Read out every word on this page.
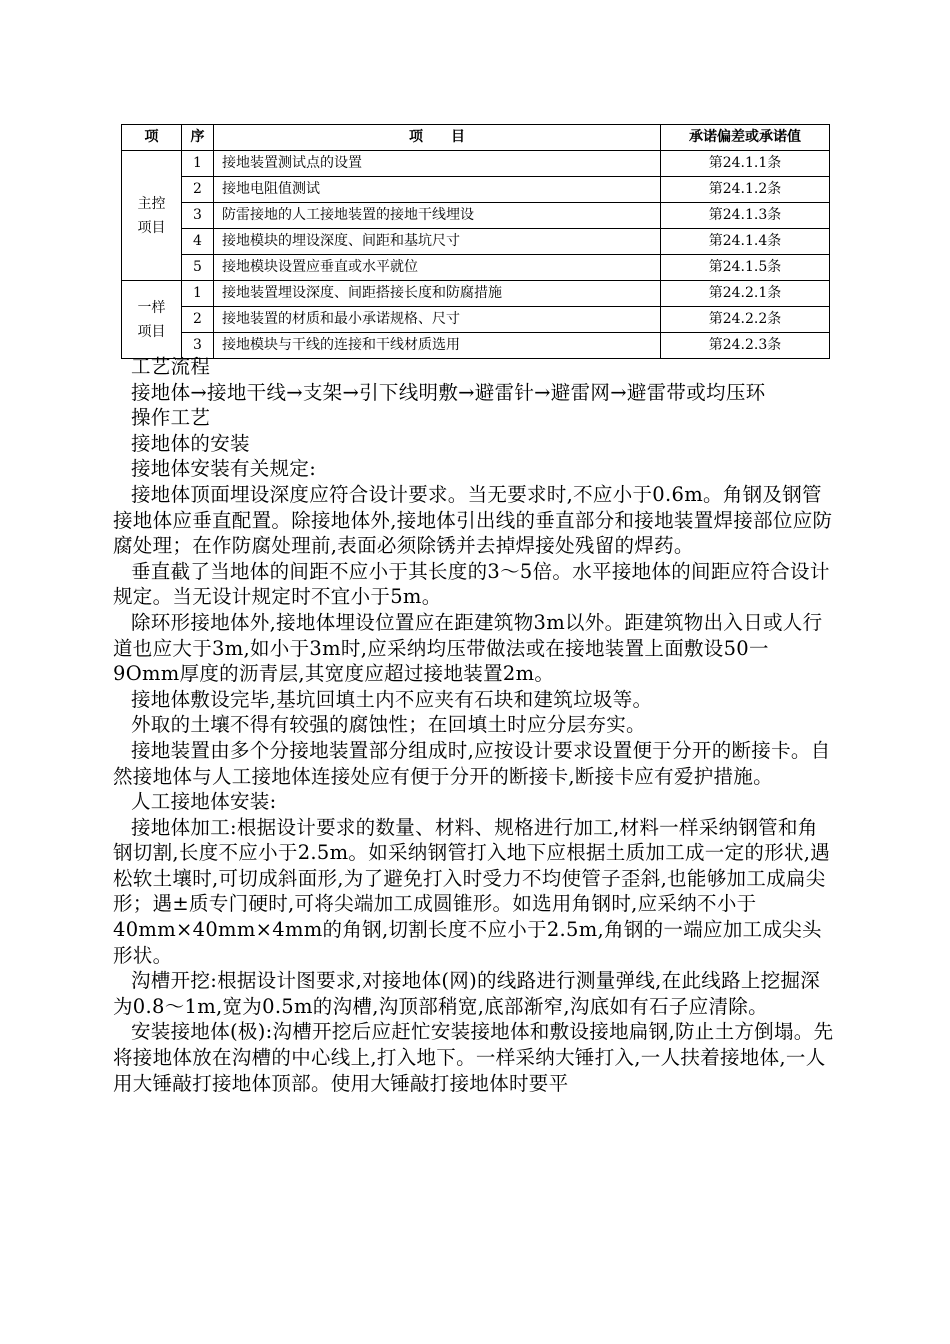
项	序	项　　目	承诺偏差或承诺值
主控
项目	1	接地装置测试点的设置	第24.1.1条
	2	接地电阻值测试	第24.1.2条
	3	防雷接地的人工接地装置的接地干线埋设	第24.1.3条
	4	接地模块的埋设深度、间距和基坑尺寸	第24.1.4条
	5	接地模块设置应垂直或水平就位	第24.1.5条
一样
项目	1	接地装置埋设深度、间距搭接长度和防腐措施	第24.2.1条
	2	接地装置的材质和最小承诺规格、尺寸	第24.2.2条
	3	接地模块与干线的连接和干线材质选用	第24.2.3条

工艺流程

接地体→接地干线→支架→引下线明敷→避雷针→避雷网→避雷带或均压环

操作工艺

接地体的安装

接地体安装有关规定:

接地体顶面埋设深度应符合设计要求。当无要求时,不应小于0.6m。角钢及钢管接地体应垂直配置。除接地体外,接地体引出线的垂直部分和接地装置焊接部位应防腐处理；在作防腐处理前,表面必须除锈并去掉焊接处残留的焊药。

垂直截了当地体的间距不应小于其长度的3～5倍。水平接地体的间距应符合设计规定。当无设计规定时不宜小于5m。

除环形接地体外,接地体埋设位置应在距建筑物3m以外。距建筑物出入日或人行道也应大于3m,如小于3m时,应采纳均压带做法或在接地装置上面敷设50一9Omm厚度的沥青层,其宽度应超过接地装置2m。

接地体敷设完毕,基坑回填土内不应夹有石块和建筑垃圾等。

外取的土壤不得有较强的腐蚀性；在回填土时应分层夯实。

接地装置由多个分接地装置部分组成时,应按设计要求设置便于分开的断接卡。自然接地体与人工接地体连接处应有便于分开的断接卡,断接卡应有爱护措施。

人工接地体安装:

接地体加工:根据设计要求的数量、材料、规格进行加工,材料一样采纳钢管和角钢切割,长度不应小于2.5m。如采纳钢管打入地下应根据土质加工成一定的形状,遇松软土壤时,可切成斜面形,为了避免打入时受力不均使管子歪斜,也能够加工成扁尖形；遇±质专门硬时,可将尖端加工成圆锥形。如选用角钢时,应采纳不小于40mm×40mm×4mm的角钢,切割长度不应小于2.5m,角钢的一端应加工成尖头形状。

沟槽开挖:根据设计图要求,对接地体(网)的线路进行测量弹线,在此线路上挖掘深为0.8～1m,宽为0.5m的沟槽,沟顶部稍宽,底部渐窄,沟底如有石子应清除。

安装接地体(极):沟槽开挖后应赶忙安装接地体和敷设接地扁钢,防止土方倒塌。先将接地体放在沟槽的中心线上,打入地下。一样采纳大锤打入,一人扶着接地体,一人用大锤敲打接地体顶部。使用大锤敲打接地体时要平
